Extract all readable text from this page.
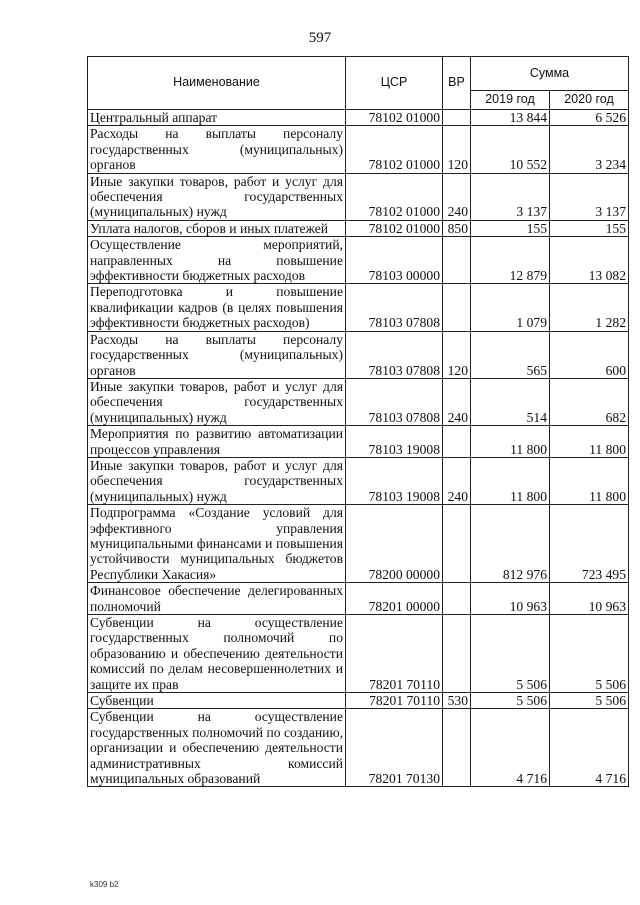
597
Наименование	ЦСР	ВР	Сумма	
			2019 год	2020 год
Центральный аппарат	78102 01000		13 844	6 526
Расходы на выплаты персоналу государственных (муниципальных) органов	78102 01000	120	10 552	3 234
Иные закупки товаров, работ и услуг для обеспечения государственных (муниципальных) нужд	78102 01000	240	3 137	3 137
Уплата налогов, сборов и иных платежей	78102 01000	850	155	155
Осуществление мероприятий, направленных на повышение эффективности бюджетных расходов	78103 00000		12 879	13 082
Переподготовка и повышение квалификации кадров (в целях повышения эффективности бюджетных расходов)	78103 07808		1 079	1 282
Расходы на выплаты персоналу государственных (муниципальных) органов	78103 07808	120	565	600
Иные закупки товаров, работ и услуг для обеспечения государственных (муниципальных) нужд	78103 07808	240	514	682
Мероприятия по развитию автоматизации процессов управления	78103 19008		11 800	11 800
Иные закупки товаров, работ и услуг для обеспечения государственных (муниципальных) нужд	78103 19008	240	11 800	11 800
Подпрограмма «Создание условий для эффективного управления муниципальными финансами и повышения устойчивости муниципальных бюджетов Республики Хакасия»	78200 00000		812 976	723 495
Финансовое обеспечение делегированных полномочий	78201 00000		10 963	10 963
Субвенции на осуществление государственных полномочий по образованию и обеспечению деятельности комиссий по делам несовершеннолетних и защите их прав	78201 70110		5 506	5 506
Субвенции	78201 70110	530	5 506	5 506
Субвенции на осуществление государственных полномочий по созданию, организации и обеспечению деятельности административных комиссий муниципальных образований	78201 70130		4 716	4 716
k309 b2
